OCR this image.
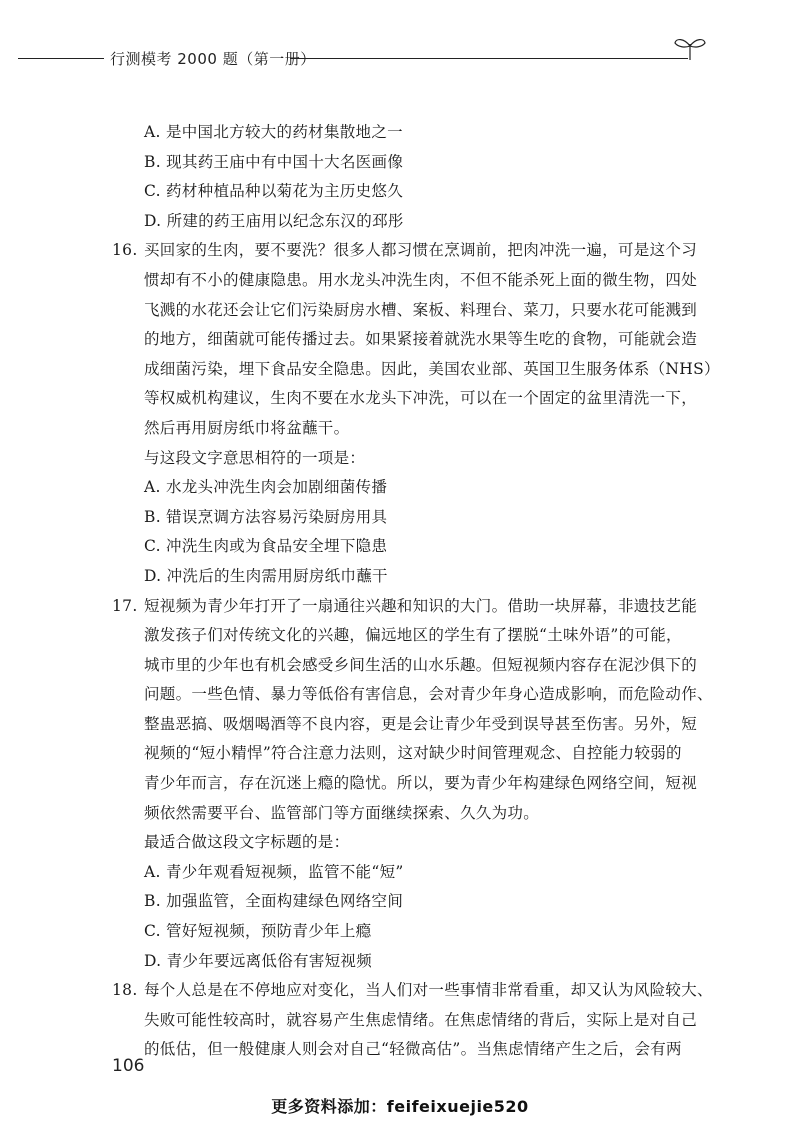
行测模考 2000 题（第一册）
A. 是中国北方较大的药材集散地之一
B. 现其药王庙中有中国十大名医画像
C. 药材种植品种以菊花为主历史悠久
D. 所建的药王庙用以纪念东汉的邳彤
16. 买回家的生肉，要不要洗？很多人都习惯在烹调前，把肉冲洗一遍，可是这个习
惯却有不小的健康隐患。用水龙头冲洗生肉，不但不能杀死上面的微生物，四处
飞溅的水花还会让它们污染厨房水槽、案板、料理台、菜刀，只要水花可能溅到
的地方，细菌就可能传播过去。如果紧接着就洗水果等生吃的食物，可能就会造
成细菌污染，埋下食品安全隐患。因此，美国农业部、英国卫生服务体系（NHS）
等权威机构建议，生肉不要在水龙头下冲洗，可以在一个固定的盆里清洗一下，
然后再用厨房纸巾将盆蘸干。
与这段文字意思相符的一项是：
A. 水龙头冲洗生肉会加剧细菌传播
B. 错误烹调方法容易污染厨房用具
C. 冲洗生肉或为食品安全埋下隐患
D. 冲洗后的生肉需用厨房纸巾蘸干
17. 短视频为青少年打开了一扇通往兴趣和知识的大门。借助一块屏幕，非遗技艺能
激发孩子们对传统文化的兴趣，偏远地区的学生有了摆脱“土味外语”的可能，
城市里的少年也有机会感受乡间生活的山水乐趣。但短视频内容存在泥沙俱下的
问题。一些色情、暴力等低俗有害信息，会对青少年身心造成影响，而危险动作、
整蛊恶搞、吸烟喝酒等不良内容，更是会让青少年受到误导甚至伤害。另外，短
视频的“短小精悍”符合注意力法则，这对缺少时间管理观念、自控能力较弱的
青少年而言，存在沉迷上瘾的隐忧。所以，要为青少年构建绿色网络空间，短视
频依然需要平台、监管部门等方面继续探索、久久为功。
最适合做这段文字标题的是：
A. 青少年观看短视频，监管不能“短”
B. 加强监管，全面构建绿色网络空间
C. 管好短视频，预防青少年上瘾
D. 青少年要远离低俗有害短视频
18. 每个人总是在不停地应对变化，当人们对一些事情非常看重，却又认为风险较大、
失败可能性较高时，就容易产生焦虑情绪。在焦虑情绪的背后，实际上是对自己
的低估，但一般健康人则会对自己“轻微高估”。当焦虑情绪产生之后，会有两
106
更多资料添加：feifeixuejie520
